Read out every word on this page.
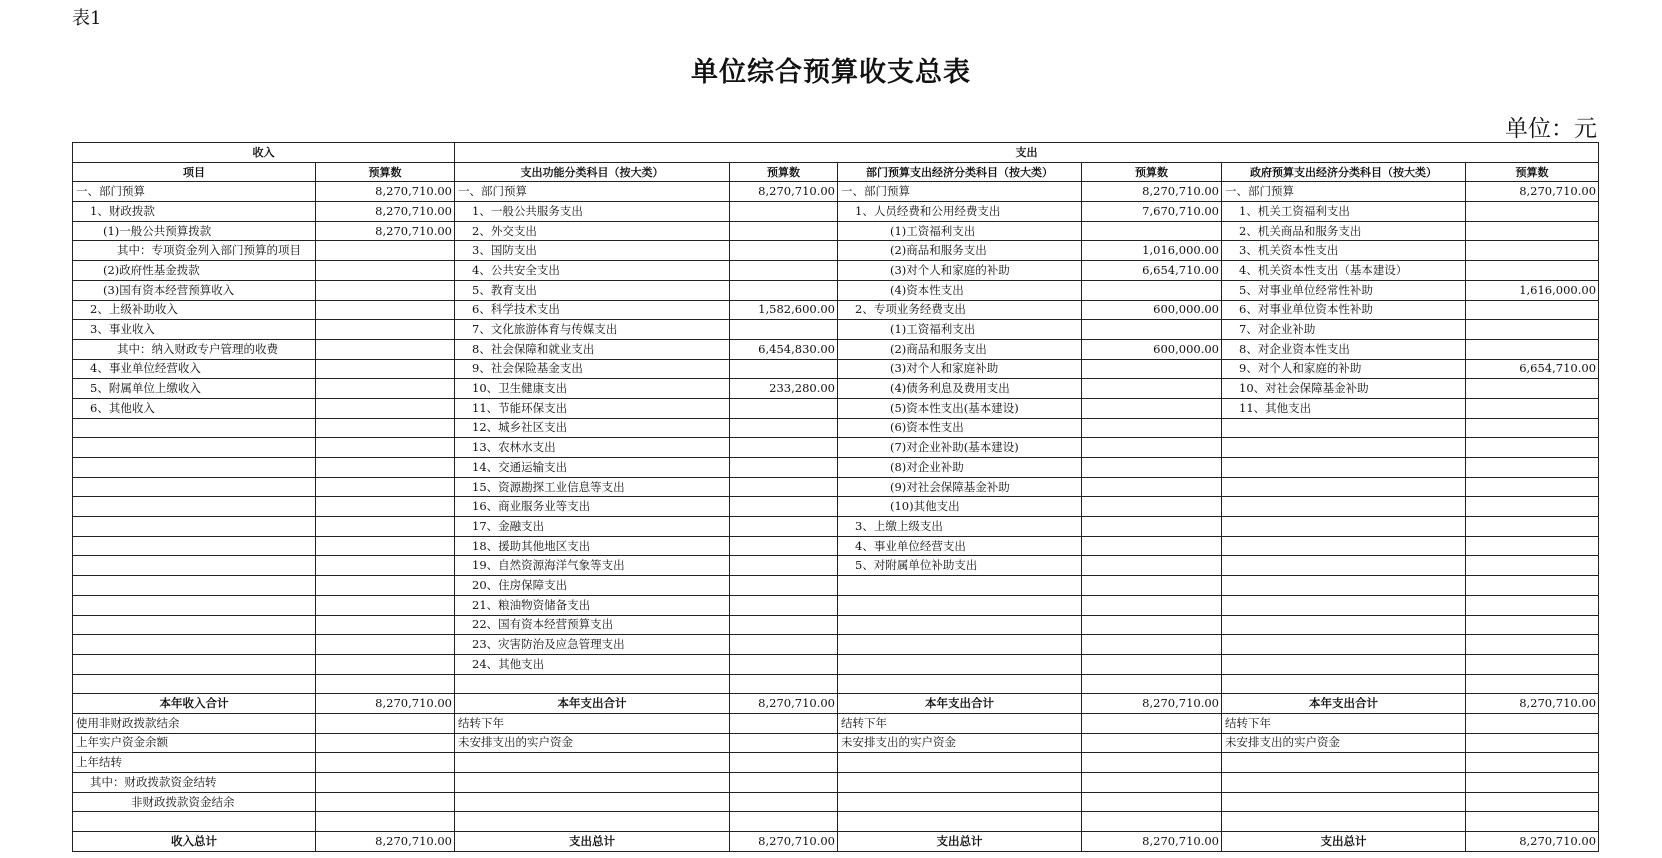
表1
单位综合预算收支总表
单位：元
收入		支出					
项目	预算数	支出功能分类科目（按大类）	预算数	部门预算支出经济分类科目（按大类）	预算数	政府预算支出经济分类科目（按大类）	预算数
一、部门预算	8,270,710.00	一、部门预算	8,270,710.00	一、部门预算	8,270,710.00	一、部门预算	8,270,710.00
1、财政拨款	8,270,710.00	1、一般公共服务支出		1、人员经费和公用经费支出	7,670,710.00	1、机关工资福利支出	
(1)一般公共预算拨款	8,270,710.00	2、外交支出		(1)工资福利支出		2、机关商品和服务支出	
其中：专项资金列入部门预算的项目		3、国防支出		(2)商品和服务支出	1,016,000.00	3、机关资本性支出	
(2)政府性基金拨款		4、公共安全支出		(3)对个人和家庭的补助	6,654,710.00	4、机关资本性支出（基本建设）	
(3)国有资本经营预算收入		5、教育支出		(4)资本性支出		5、对事业单位经常性补助	1,616,000.00
2、上级补助收入		6、科学技术支出	1,582,600.00	2、专项业务经费支出	600,000.00	6、对事业单位资本性补助	
3、事业收入		7、文化旅游体育与传媒支出		(1)工资福利支出		7、对企业补助	
其中：纳入财政专户管理的收费		8、社会保障和就业支出	6,454,830.00	(2)商品和服务支出	600,000.00	8、对企业资本性支出	
4、事业单位经营收入		9、社会保险基金支出		(3)对个人和家庭补助		9、对个人和家庭的补助	6,654,710.00
5、附属单位上缴收入		10、卫生健康支出	233,280.00	(4)债务利息及费用支出		10、对社会保障基金补助	
6、其他收入		11、节能环保支出		(5)资本性支出(基本建设)		11、其他支出	
		12、城乡社区支出		(6)资本性支出			
		13、农林水支出		(7)对企业补助(基本建设)			
		14、交通运输支出		(8)对企业补助			
		15、资源勘探工业信息等支出		(9)对社会保障基金补助			
		16、商业服务业等支出		(10)其他支出			
		17、金融支出		3、上缴上级支出			
		18、援助其他地区支出		4、事业单位经营支出			
		19、自然资源海洋气象等支出		5、对附属单位补助支出			
		20、住房保障支出					
		21、粮油物资储备支出					
		22、国有资本经营预算支出					
		23、灾害防治及应急管理支出					
		24、其他支出					

本年收入合计	8,270,710.00	本年支出合计	8,270,710.00	本年支出合计	8,270,710.00	本年支出合计	8,270,710.00
使用非财政拨款结余		结转下年		结转下年		结转下年	
上年实户资金余额		未安排支出的实户资金		未安排支出的实户资金		未安排支出的实户资金	
上年结转							
其中：财政拨款资金结转							
非财政拨款资金结余							

收入总计	8,270,710.00	支出总计	8,270,710.00	支出总计	8,270,710.00	支出总计	8,270,710.00
